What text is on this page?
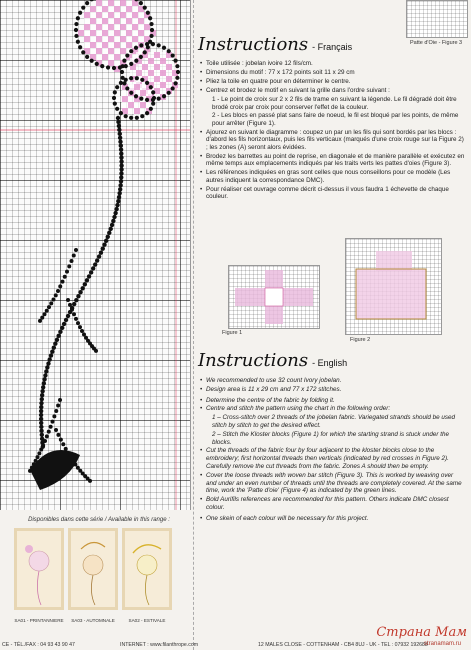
Patte d'Oie - Figure 3
Instructions - Français
• Toile utilisée : jobelan ivoire 12 fils/cm.
• Dimensions du motif : 77 x 172 points soit 11 x 29 cm
• Pliez la toile en quatre pour en déterminer le centre.
• Centrez et brodez le motif en suivant la grille dans l'ordre suivant :
1 - Le point de croix sur 2 x 2 fils de trame en suivant la légende. Le fil dégradé doit être brodé croix par croix pour conserver l'effet de la couleur.
2 - Les blocs en passé plat sans faire de noeud, le fil est bloqué par les points, de même pour arrêter (Figure 1).
• Ajourez en suivant le diagramme : coupez un par un les fils qui sont bordés par les blocs : d'abord les fils horizontaux, puis les fils verticaux (marqués d'une croix rouge sur la Figure 2) ; les zones (A) seront alors évidées.
• Brodez les barrettes au point de reprise, en diagonale et de manière parallèle et exécutez en même temps aux emplacements indiqués par les traits verts les pattes d'oies (Figure 3).
• Les références indiquées en gras sont celles que nous conseillons pour ce modèle (Les autres indiquent la correspondance DMC).
• Pour réaliser cet ouvrage comme décrit ci-dessus il vous faudra 1 échevette de chaque couleur.
Figure 1
Figure 2
Instructions - English
• We recommended to use 32 count Ivory jobelan.
• Design area is 11 x 29 cm and 77 x 172 stitches.
• Determine the centre of the fabric by folding it.
• Centre and stitch the pattern using the chart in the following order:
1 – Cross-stitch over 2 threads of the jobelan fabric. Variegated strands should be used stitch by stitch to get the desired effect.
2 – Stitch the Kloster blocks (Figure 1) for which the starting strand is stuck under the blocks.
• Cut the threads of the fabric four by four adjacent to the kloster blocks close to the embroidery; first horizontal threads then verticals (indicated by red crosses in Figure 2). Carefully remove the cut threads from the fabric. Zones A should then be empty.
• Cover the loose threads with woven bar stitch (Figure 3). This is worked by weaving over and under an even number of threads until the threads are completely covered. At the same time, work the 'Patte d'oie' (Figure 4) as indicated by the green lines.
• Bold Aurifils references are recommended for this pattern. Others indicate DMC closest colour.
• One skein of each colour will be necessary for this project.
Disponibles dans cette série / Available in this range :
SA01 - PRINTANNIERE	SA03 - AUTOMNALE	SA02 - ESTIVALE
CE - TÉL./FAX : 04 93 43 90 47	INTERNET : www.filanthrope.com	12 MALES CLOSE - COTTENHAM - CB4 8UJ - UK - TEL : 07932 192688
Страна Мам
stranamam.ru
